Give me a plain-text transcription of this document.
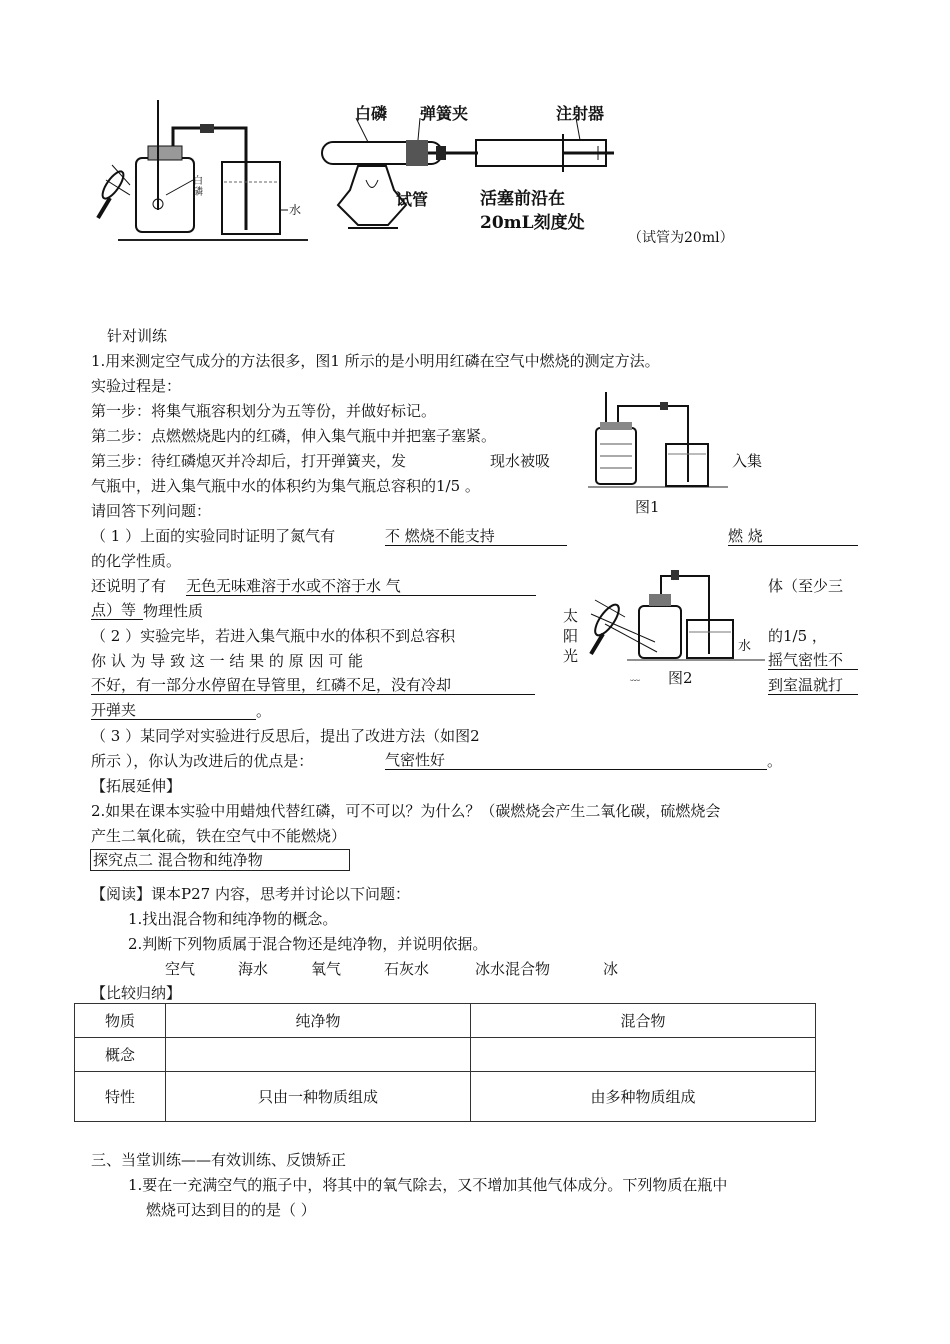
白磷
水
白磷 弹簧夹	注射器
试管	活塞前沿在
20mL刻度处
（试管为20ml）
图1
﹏
太
阳
光
水
图2
针对训练
1.用来测定空气成分的方法很多，图1 所示的是小明用红磷在空气中燃烧的测定方法。
实验过程是：
第一步：将集气瓶容积划分为五等份，并做好标记。
第二步：点燃燃烧匙内的红磷，伸入集气瓶中并把塞子塞紧。
第三步：待红磷熄灭并冷却后，打开弹簧夹，发	现水被吸	入集
气瓶中，进入集气瓶中水的体积约为集气瓶总容积的1/5 。
请回答下列问题：
（ 1 ）上面的实验同时证明了氮气有	不 燃烧不能支持	燃 烧
的化学性质。
还说明了有 无色无味难溶于水或不溶于水 气	体（至少三
点）等 物理性质
（ 2 ）实验完毕，若进入集气瓶中水的体积不到总容积	的1/5 ，
你 认 为 导 致 这 一 结 果 的 原 因 可 能	摇气密性不
不好，有一部分水停留在导管里，红磷不足，没有冷却	到室温就打
开弹夹	。
（ 3 ）某同学对实验进行反思后，提出了改进方法（如图2
所示 ），你认为改进后的优点是：	气密性好	。
【拓展延伸】
2.如果在课本实验中用蜡烛代替红磷，可不可以？为什么？（碳燃烧会产生二氧化碳，硫燃烧会
产生二氧化硫，铁在空气中不能燃烧）
探究点二 混合物和纯净物
【阅读】课本P27 内容，思考并讨论以下问题：
1.找出混合物和纯净物的概念。
2.判断下列物质属于混合物还是纯净物，并说明依据。
空气	海水	氧气	石灰水	冰水混合物	冰
【比较归纳】
物质	纯净物	混合物
概念		
特性	只由一种物质组成	由多种物质组成
三、当堂训练——有效训练、反馈矫正
1.要在一充满空气的瓶子中，将其中的氧气除去，又不增加其他气体成分。下列物质在瓶中
燃烧可达到目的的是（ ）
